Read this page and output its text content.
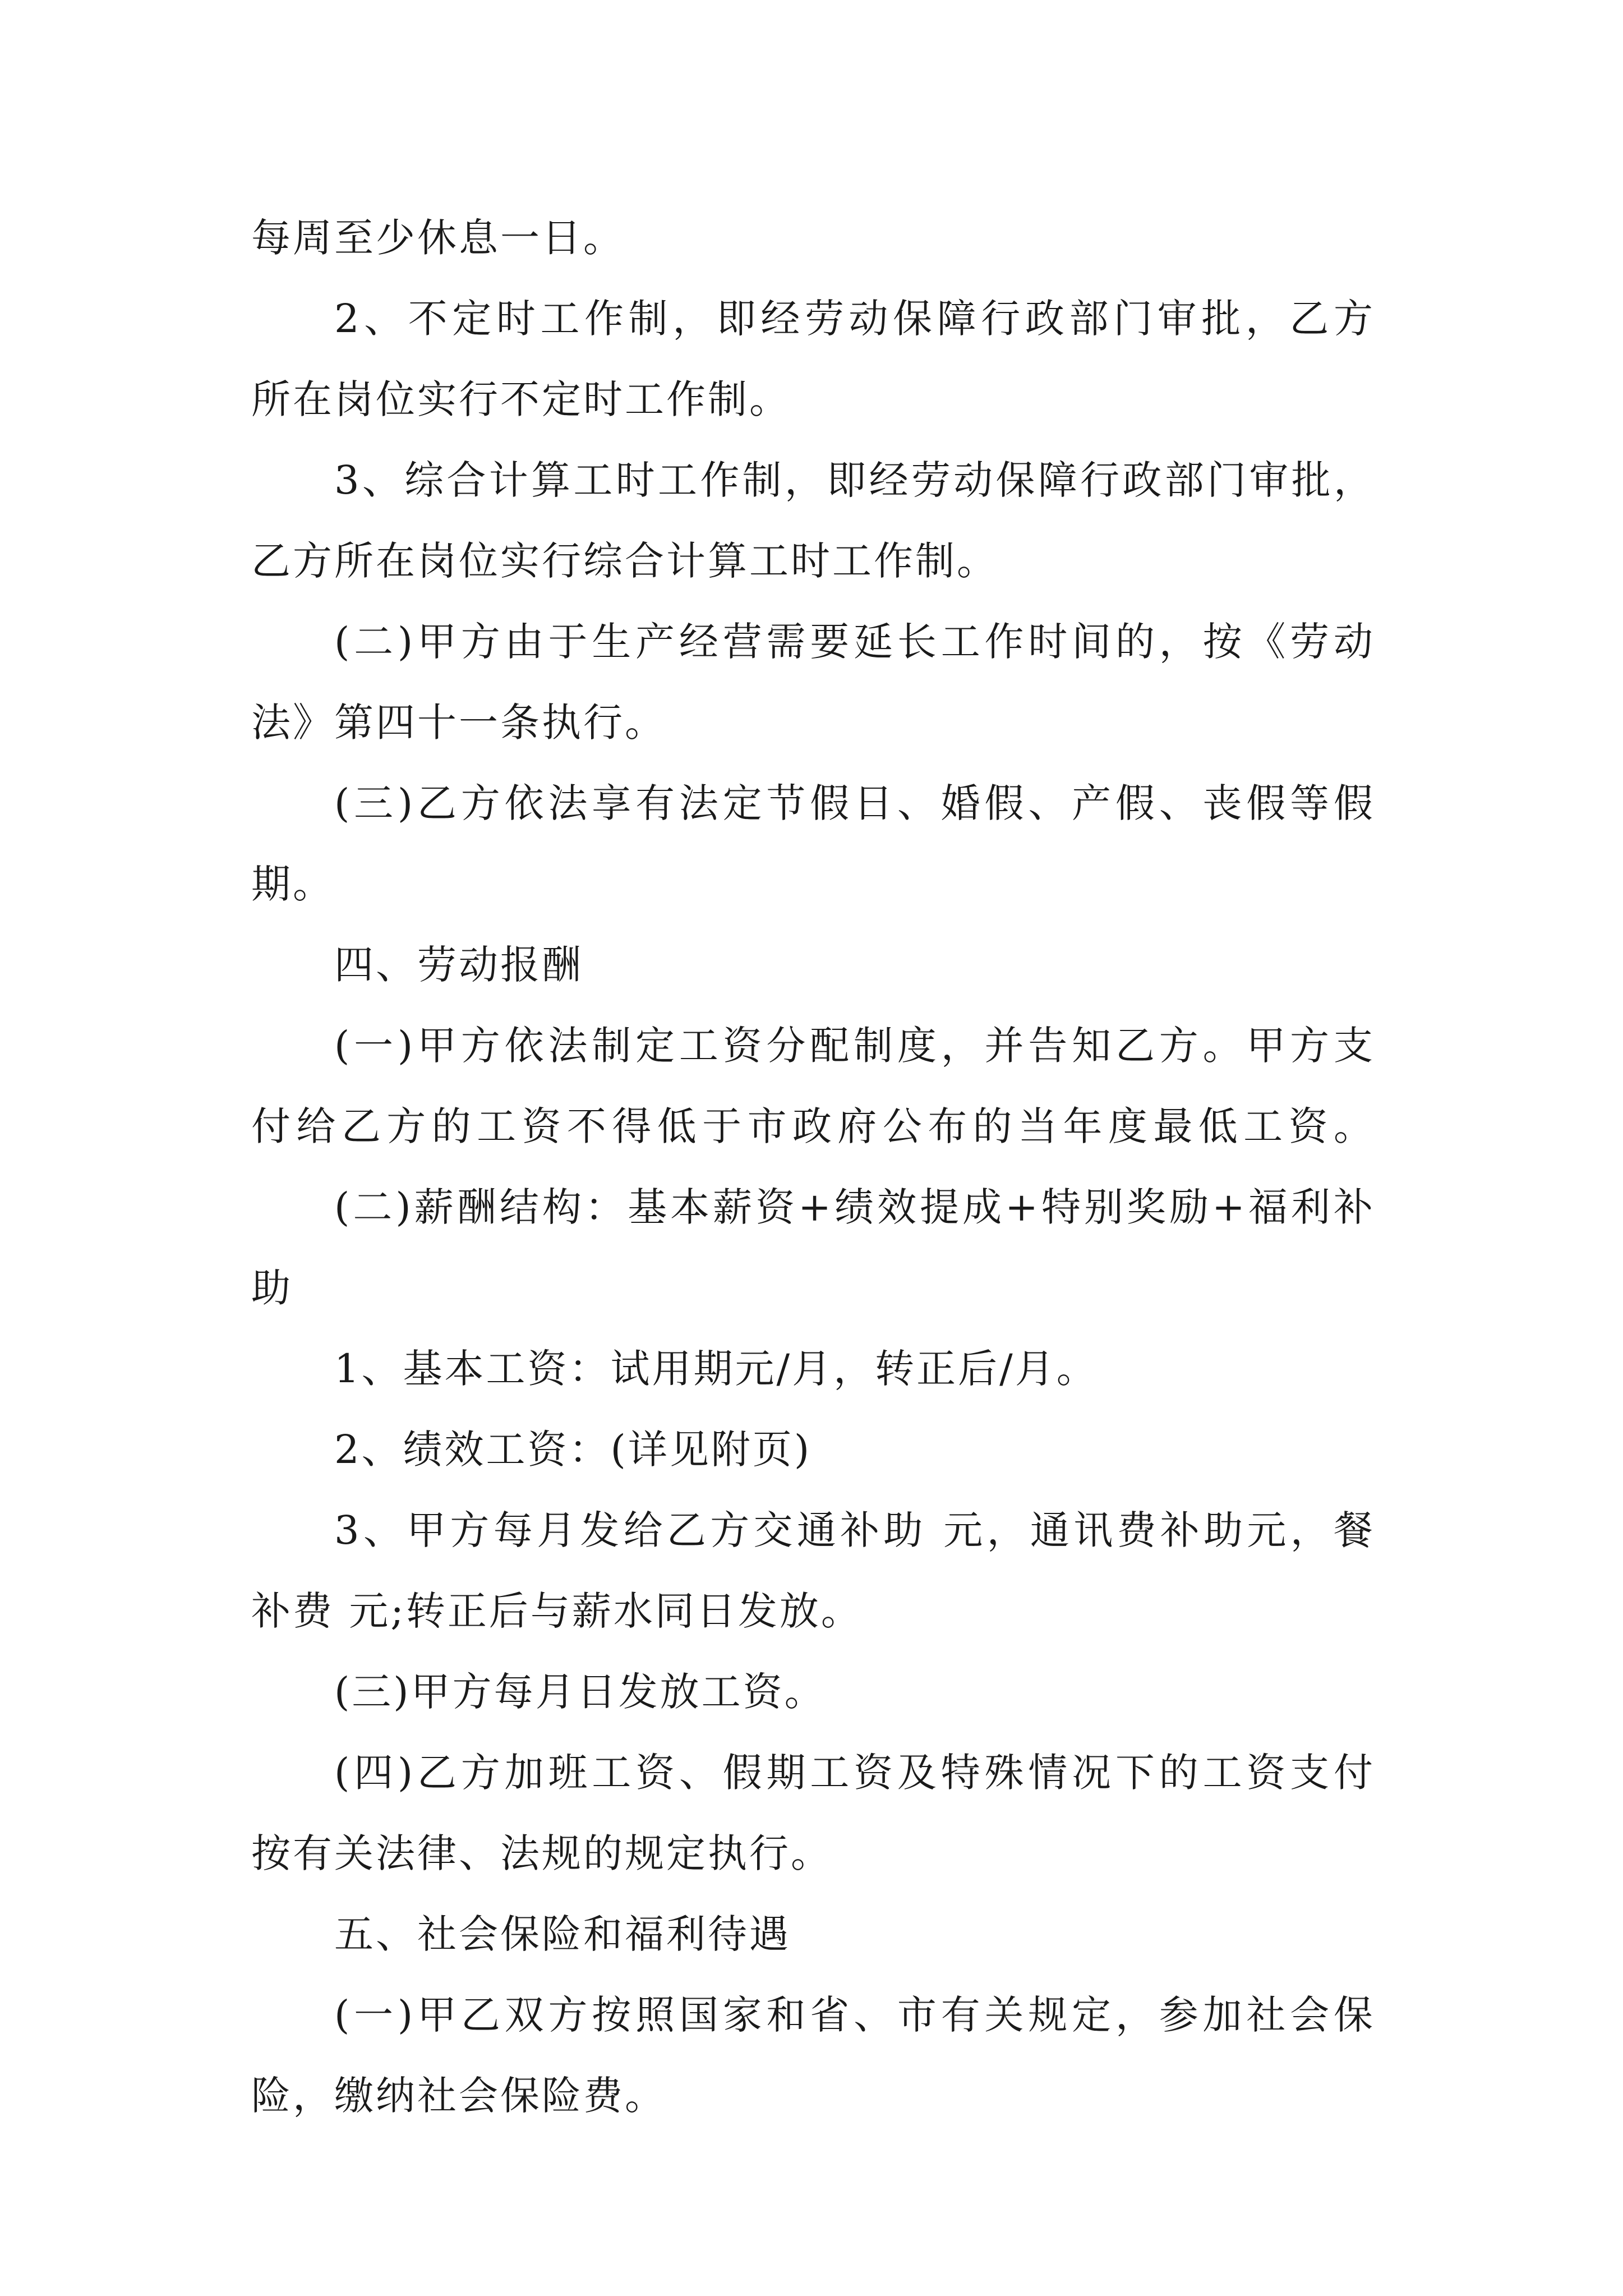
每周至少休息一日。
2、不定时工作制，即经劳动保障行政部门审批，乙方
所在岗位实行不定时工作制。
3、综合计算工时工作制，即经劳动保障行政部门审批，
乙方所在岗位实行综合计算工时工作制。
(二)甲方由于生产经营需要延长工作时间的，按《劳动
法》第四十一条执行。
(三)乙方依法享有法定节假日、婚假、产假、丧假等假
期。
四、劳动报酬
(一)甲方依法制定工资分配制度，并告知乙方。甲方支
付给乙方的工资不得低于市政府公布的当年度最低工资。
(二)薪酬结构：基本薪资+绩效提成+特别奖励+福利补
助
1、基本工资：试用期元/月，转正后/月。
2、绩效工资：(详见附页)
3、甲方每月发给乙方交通补助 元，通讯费补助元，餐
补费 元;转正后与薪水同日发放。
(三)甲方每月日发放工资。
(四)乙方加班工资、假期工资及特殊情况下的工资支付
按有关法律、法规的规定执行。
五、社会保险和福利待遇
(一)甲乙双方按照国家和省、市有关规定，参加社会保
险，缴纳社会保险费。
